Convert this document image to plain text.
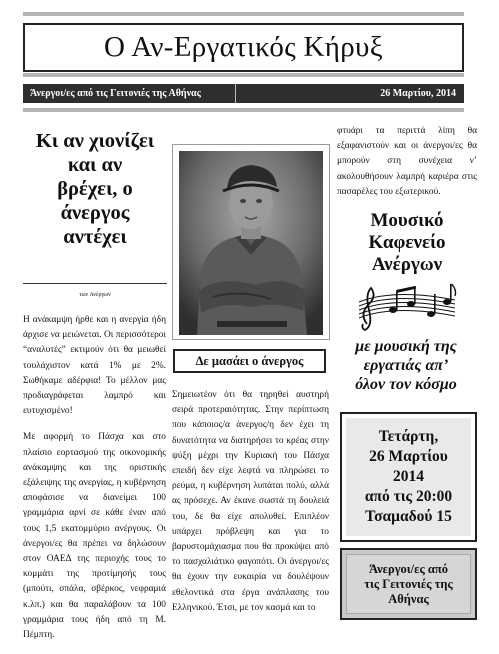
Ο Αν-Εργατικός Κήρυξ
Άνεργοι/ες από τις Γειτονιές της Αθήνας	26 Μαρτίου, 2014
Κι αν χιονίζει
και αν
βρέχει, ο
άνεργος
αντέχει
των Ανέργων

Η ανάκαμψη ήρθε και η ανεργία ήδη άρχισε να μειώνεται. Οι περισσότεροι “αναλυτές” εκτιμούν ότι θα μειωθεί τουλάχιστον κατά 1% με 2%. Σωθήκαμε αδέρφια! Το μέλλον μας προδιαγράφεται λαμπρό και ευτυχισμένο!

Με αφορμή το Πάσχα και στο πλαίσιο εορτασμού της οικονομικής ανάκαμψης και της οριστικής εξάλειψης της ανεργίας, η κυβέρνηση αποφάσισε να διανείμει 100 γραμμάρια αρνί σε κάθε έναν από τους 1,5 εκατομμύριο ανέργους. Οι άνεργοι/ες θα πρέπει να δηλώσουν στον ΟΑΕΔ της περιοχής τους το κομμάτι της προτίμησής τους (μπούτι, σπάλα, σβέρκος, νεφραμιά κ.λπ.) και θα παραλάβουν τα 100 γραμμάρια τους ήδη από τη Μ. Πέμπτη.

Δε μασάει ο άνεργος
Σημειωτέον ότι θα τηρηθεί αυστηρή σειρά προτεραιότητας. Στην περίπτωση που κάποιος/α άνεργος/η δεν έχει τη δυνατότητα να διατηρήσει το κρέας στην ψύξη μέχρι την Κυριακή του Πάσχα επειδή δεν είχε λεφτά να πληρώσει το ρεύμα, η κυβέρνηση λυπάται πολύ, αλλά ας πρόσεχε. Αν έκανε σωστά τη δουλειά του, δε θα είχε απολυθεί. Επιπλέον υπάρχει πρόβλεψη και για το βαρυστομάχιασμα που θα προκύψει από το πασχαλιάτικο φαγοπότι. Οι άνεργοι/ες θα έχουν την ευκαιρία να δουλέψουν εθελοντικά στα έργα ανάπλασης του Ελληνικού. Έτσι, με τον κασμά και το
φτυάρι τα περιττά λίπη θα εξαφανιστούν και οι άνεργοι/ες θα μπορούν στη συνέχεια ν’ ακολουθήσουν λαμπρή καριέρα στις πασαρέλες του εξωτερικού.
Μουσικό
Καφενείο
Ανέργων
με μουσική της
εργατιάς απ’
όλον τον κόσμο
Τετάρτη,
26 Μαρτίου
2014
από τις 20:00
Τσαμαδού 15
Άνεργοι/ες από
τις Γειτονιές της
Αθήνας
